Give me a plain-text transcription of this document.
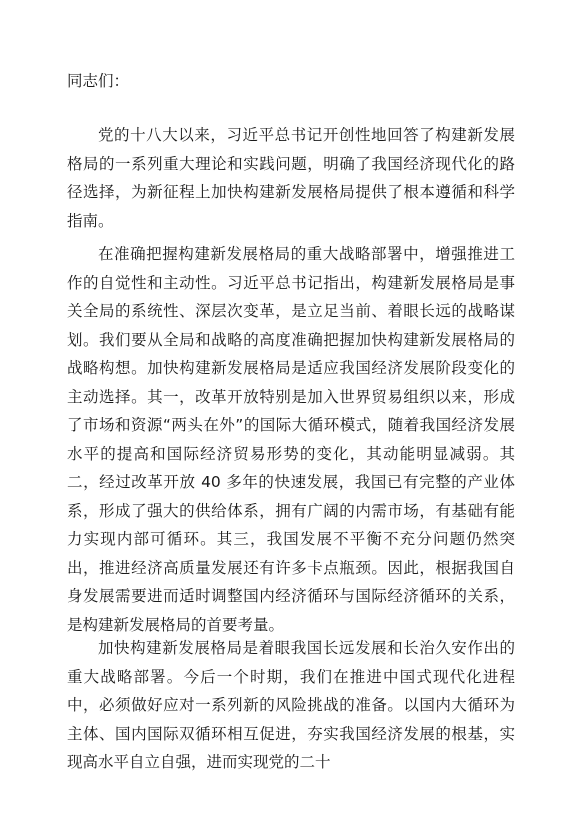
同志们：

党的十八大以来，习近平总书记开创性地回答了构建新发展格局的一系列重大理论和实践问题，明确了我国经济现代化的路径选择，为新征程上加快构建新发展格局提供了根本遵循和科学指南。

在准确把握构建新发展格局的重大战略部署中，增强推进工作的自觉性和主动性。习近平总书记指出，构建新发展格局是事关全局的系统性、深层次变革，是立足当前、着眼长远的战略谋划。我们要从全局和战略的高度准确把握加快构建新发展格局的战略构想。加快构建新发展格局是适应我国经济发展阶段变化的主动选择。其一，改革开放特别是加入世界贸易组织以来，形成了市场和资源“两头在外”的国际大循环模式，随着我国经济发展水平的提高和国际经济贸易形势的变化，其动能明显减弱。其二，经过改革开放 40 多年的快速发展，我国已有完整的产业体系，形成了强大的供给体系，拥有广阔的内需市场，有基础有能力实现内部可循环。其三，我国发展不平衡不充分问题仍然突出，推进经济高质量发展还有许多卡点瓶颈。因此，根据我国自身发展需要进而适时调整国内经济循环与国际经济循环的关系，是构建新发展格局的首要考量。

加快构建新发展格局是着眼我国长远发展和长治久安作出的重大战略部署。今后一个时期，我们在推进中国式现代化进程中，必须做好应对一系列新的风险挑战的准备。以国内大循环为主体、国内国际双循环相互促进，夯实我国经济发展的根基，实现高水平自立自强，进而实现党的二十
